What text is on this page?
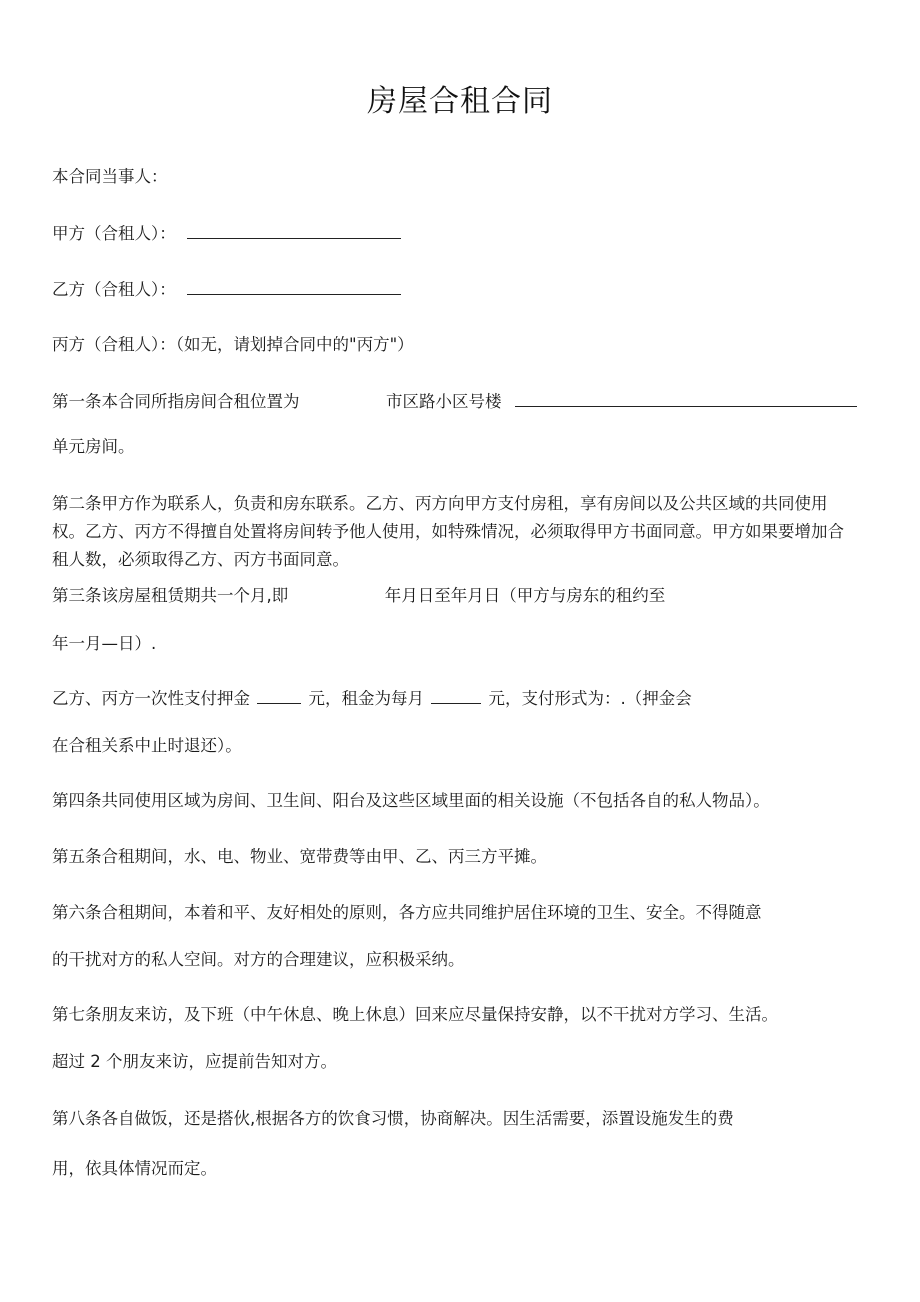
房屋合租合同
本合同当事人：
甲方（合租人）：
乙方（合租人）：
丙方（合租人）：（如无，请划掉合同中的"丙方"）
第一条本合同所指房间合租位置为	市区路小区号楼
单元房间。
第二条甲方作为联系人，负责和房东联系。乙方、丙方向甲方支付房租，享有房间以及公共区域的共同使用权。乙方、丙方不得擅自处置将房间转予他人使用，如特殊情况，必须取得甲方书面同意。甲方如果要增加合租人数，必须取得乙方、丙方书面同意。
第三条该房屋租赁期共一个月,即	年月日至年月日（甲方与房东的租约至
年一月—日）.
乙方、丙方一次性支付押金	元，租金为每月	元，支付形式为：.（押金会
在合租关系中止时退还）。
第四条共同使用区域为房间、卫生间、阳台及这些区域里面的相关设施（不包括各自的私人物品）。
第五条合租期间，水、电、物业、宽带费等由甲、乙、丙三方平摊。
第六条合租期间，本着和平、友好相处的原则，各方应共同维护居住环境的卫生、安全。不得随意
的干扰对方的私人空间。对方的合理建议，应积极采纳。
第七条朋友来访，及下班（中午休息、晚上休息）回来应尽量保持安静，以不干扰对方学习、生活。
超过 2 个朋友来访，应提前告知对方。
第八条各自做饭，还是搭伙,根据各方的饮食习惯，协商解决。因生活需要，添置设施发生的费
用，依具体情况而定。
